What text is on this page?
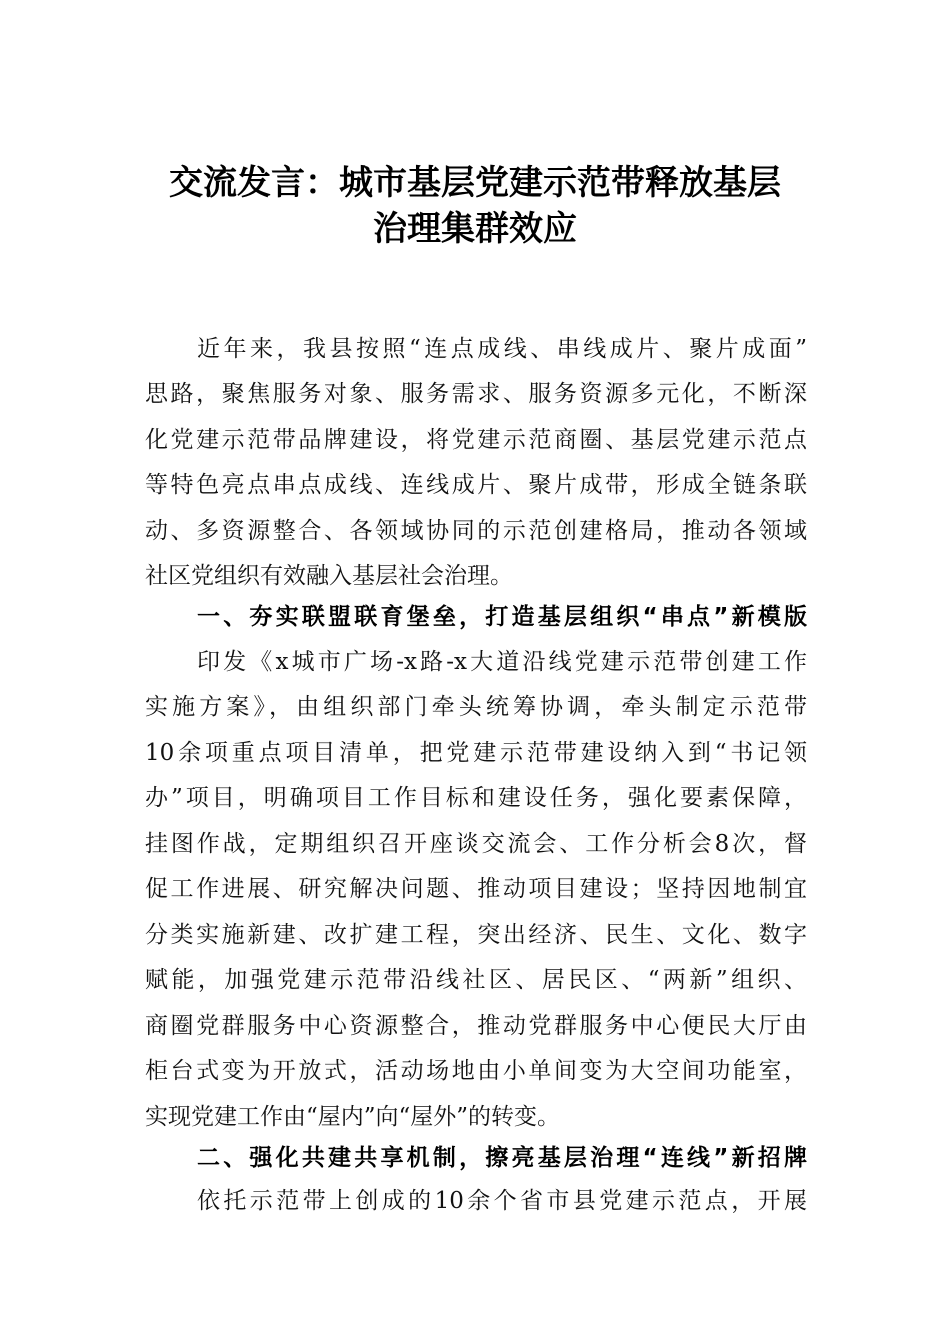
交流发言：城市基层党建示范带释放基层
治理集群效应
近年来，我县按照“连点成线、串线成片、聚片成面”
思路，聚焦服务对象、服务需求、服务资源多元化，不断深
化党建示范带品牌建设，将党建示范商圈、基层党建示范点
等特色亮点串点成线、连线成片、聚片成带，形成全链条联
动、多资源整合、各领域协同的示范创建格局，推动各领域
社区党组织有效融入基层社会治理。
一、夯实联盟联育堡垒，打造基层组织“串点”新模版
印发《x城市广场-x路-x大道沿线党建示范带创建工作
实施方案》，由组织部门牵头统筹协调，牵头制定示范带
10余项重点项目清单，把党建示范带建设纳入到“书记领
办”项目，明确项目工作目标和建设任务，强化要素保障，
挂图作战，定期组织召开座谈交流会、工作分析会8次，督
促工作进展、研究解决问题、推动项目建设；坚持因地制宜
分类实施新建、改扩建工程，突出经济、民生、文化、数字
赋能，加强党建示范带沿线社区、居民区、“两新”组织、
商圈党群服务中心资源整合，推动党群服务中心便民大厅由
柜台式变为开放式，活动场地由小单间变为大空间功能室，
实现党建工作由“屋内”向“屋外”的转变。
二、强化共建共享机制，擦亮基层治理“连线”新招牌
依托示范带上创成的10余个省市县党建示范点，开展
